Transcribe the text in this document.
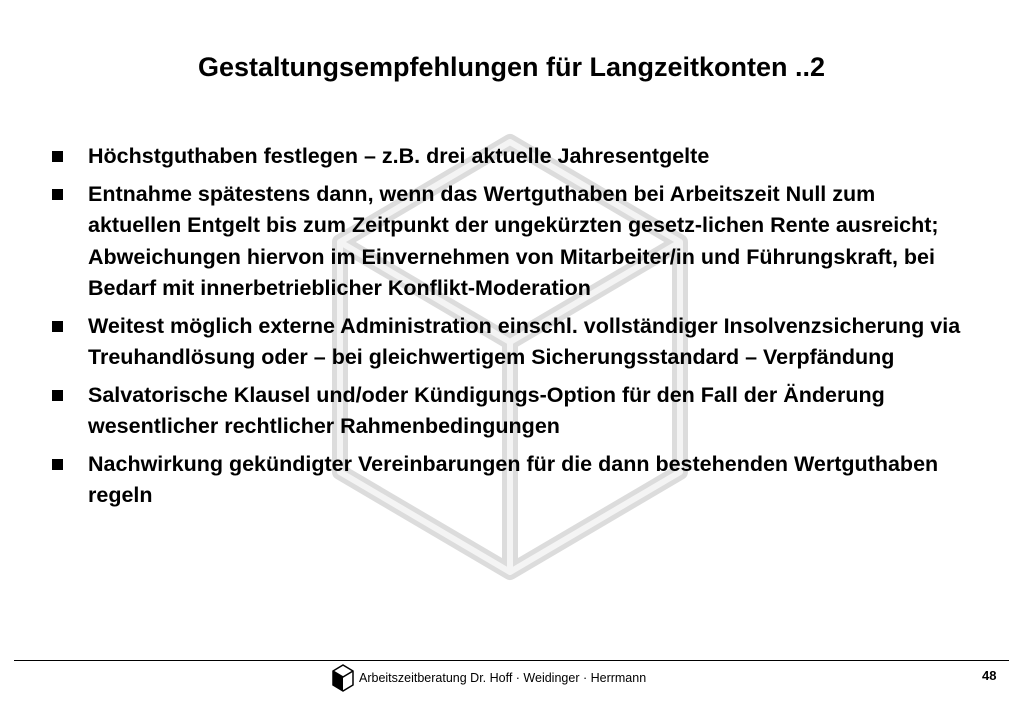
Gestaltungsempfehlungen für Langzeitkonten ..2
Höchstguthaben festlegen – z.B. drei aktuelle Jahresentgelte
Entnahme spätestens dann, wenn das Wertguthaben bei Arbeitszeit Null zum aktuellen Entgelt bis zum Zeitpunkt der ungekürzten gesetz-lichen Rente ausreicht; Abweichungen hiervon im Einvernehmen von Mitarbeiter/in und Führungskraft, bei Bedarf mit innerbetrieblicher Konflikt-Moderation
Weitest möglich externe Administration einschl. vollständiger Insolvenzsicherung via Treuhandlösung oder – bei gleichwertigem Sicherungsstandard – Verpfändung
Salvatorische Klausel und/oder Kündigungs-Option für den Fall der Änderung wesentlicher rechtlicher Rahmenbedingungen
Nachwirkung gekündigter Vereinbarungen für die dann bestehenden Wertguthaben regeln
Arbeitszeitberatung Dr. Hoff · Weidinger · Herrmann	48
